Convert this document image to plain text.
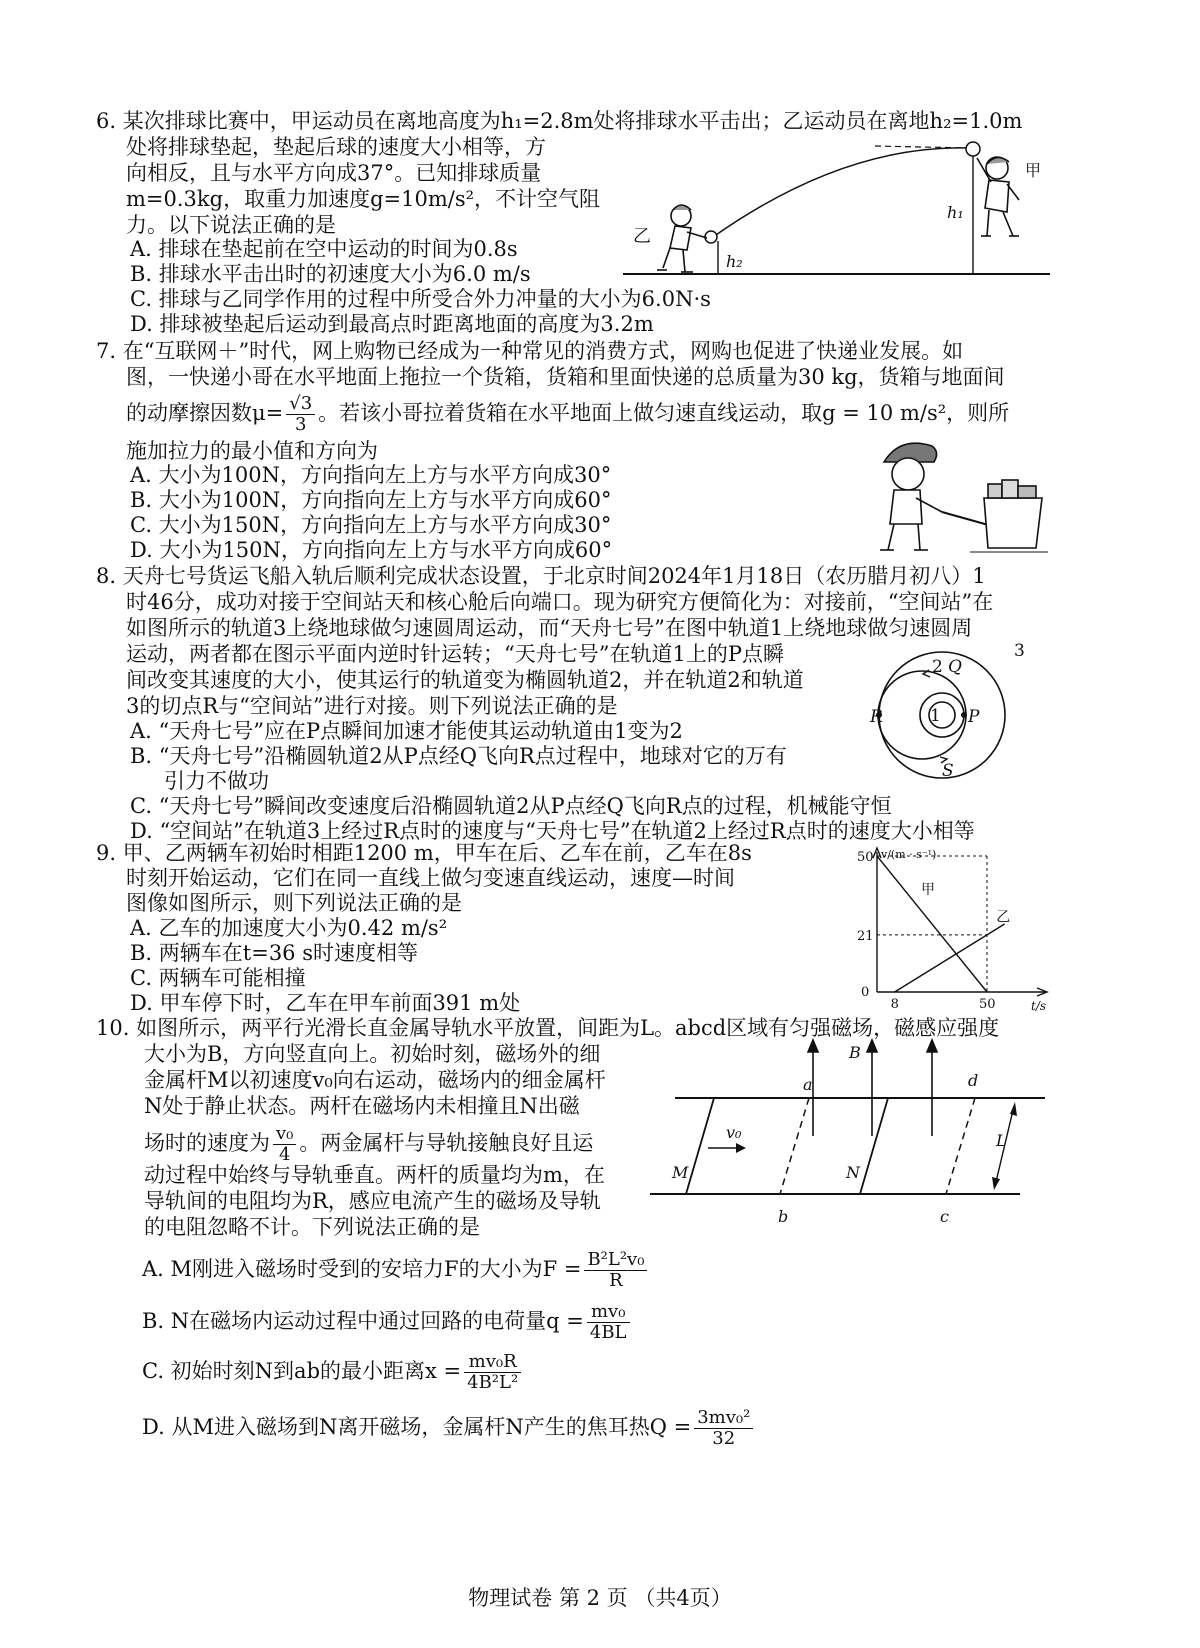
6. 某次排球比赛中，甲运动员在离地高度为h₁=2.8m处将排球水平击出；乙运动员在离地h₂=1.0m
处将排球垫起，垫起后球的速度大小相等，方
向相反，且与水平方向成37°。已知排球质量
m=0.3kg，取重力加速度g=10m/s²，不计空气阻
力。以下说法正确的是
A. 排球在垫起前在空中运动的时间为0.8s
B. 排球水平击出时的初速度大小为6.0 m/s
C. 排球与乙同学作用的过程中所受合外力冲量的大小为6.0N·s
D. 排球被垫起后运动到最高点时距离地面的高度为3.2m
h₁
h₂
乙
甲
7. 在“互联网＋”时代，网上购物已经成为一种常见的消费方式，网购也促进了快递业发展。如
图，一快递小哥在水平地面上拖拉一个货箱，货箱和里面快递的总质量为30 kg，货箱与地面间
的动摩擦因数$\mu= \frac{√3}{3}$ 。若该小哥拉着货箱在水平地面上做匀速直线运动，取g = 10 m/s²，则所
施加拉力的最小值和方向为
A. 大小为100N，方向指向左上方与水平方向成30°
B. 大小为100N，方向指向左上方与水平方向成60°
C. 大小为150N，方向指向左上方与水平方向成30°
D. 大小为150N，方向指向左上方与水平方向成60°
8. 天舟七号货运飞船入轨后顺利完成状态设置，于北京时间2024年1月18日（农历腊月初八）1
时46分，成功对接于空间站天和核心舱后向端口。现为研究方便简化为：对接前，“空间站”在
如图所示的轨道3上绕地球做匀速圆周运动，而“天舟七号”在图中轨道1上绕地球做匀速圆周
运动，两者都在图示平面内逆时针运转；“天舟七号”在轨道1上的P点瞬
间改变其速度的大小，使其运行的轨道变为椭圆轨道2，并在轨道2和轨道
3的切点R与“空间站”进行对接。则下列说法正确的是
A. “天舟七号”应在P点瞬间加速才能使其运动轨道由1变为2
B. “天舟七号”沿椭圆轨道2从P点经Q飞向R点过程中，地球对它的万有
引力不做功
C. “天舟七号”瞬间改变速度后沿椭圆轨道2从P点经Q飞向R点的过程，机械能守恒
D. “空间站”在轨道3上经过R点时的速度与“天舟七号”在轨道2上经过R点时的速度大小相等
P
Q
2
R
S
1
3
9. 甲、乙两辆车初始时相距1200 m，甲车在后、乙车在前，乙车在8s
时刻开始运动，它们在同一直线上做匀变速直线运动，速度—时间
图像如图所示，则下列说法正确的是
A. 乙车的加速度大小为0.42 m/s²
B. 两辆车在t=36 s时速度相等
C. 两辆车可能相撞
D. 甲车停下时，乙车在甲车前面391 m处
v/(m · s⁻¹)
t/s
甲
乙
50
21
0
8	50
10. 如图所示，两平行光滑长直金属导轨水平放置，间距为L。abcd区域有匀强磁场，磁感应强度
大小为B，方向竖直向上。初始时刻，磁场外的细
金属杆M以初速度v₀向右运动，磁场内的细金属杆
N处于静止状态。两杆在磁场内未相撞且N出磁
场时的速度为 $\frac{\text{v₀}}{4}$ 。两金属杆与导轨接触良好且运
动过程中始终与导轨垂直。两杆的质量均为m，在
导轨间的电阻均为R，感应电流产生的磁场及导轨
的电阻忽略不计。下列说法正确的是
A. M刚进入磁场时受到的安培力F的大小为$F = \frac{\text{B²L²v₀}}{R}$
B. N在磁场内运动过程中通过回路的电荷量$q = \frac{\text{mv₀}}{4BL}$
C. 初始时刻N到ab的最小距离$x = \frac{\text{mv₀R}}{\text{4B²L²}}$
D. 从M进入磁场到N离开磁场，金属杆N产生的焦耳热$Q = \frac{\text{3mv₀²}}{32}$
B
a
b	c
d
M	N
v₀	L
物理试卷 第 2 页 （共4页）
